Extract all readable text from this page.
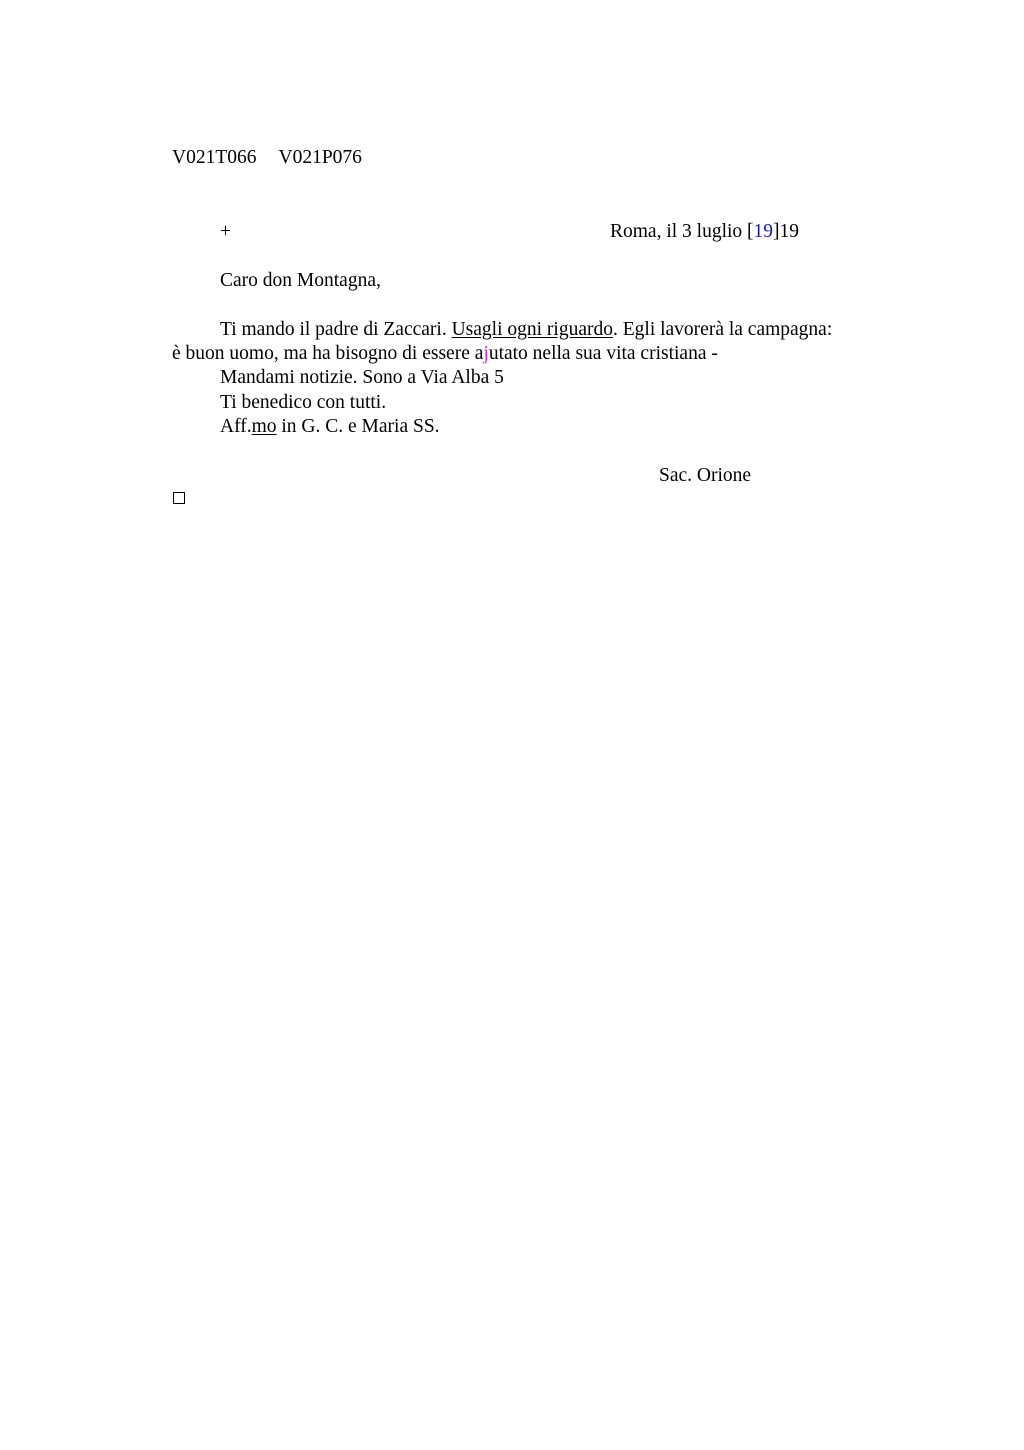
V021T066 V021P076
+	Roma, il 3 luglio [19]19
Caro don Montagna,
Ti mando il padre di Zaccari. Usagli ogni riguardo. Egli lavorerà la campagna:
è buon uomo, ma ha bisogno di essere ajutato nella sua vita cristiana -
Mandami notizie. Sono a Via Alba 5
Ti benedico con tutti.
Aff.mo in G. C. e Maria SS.
Sac. Orione
